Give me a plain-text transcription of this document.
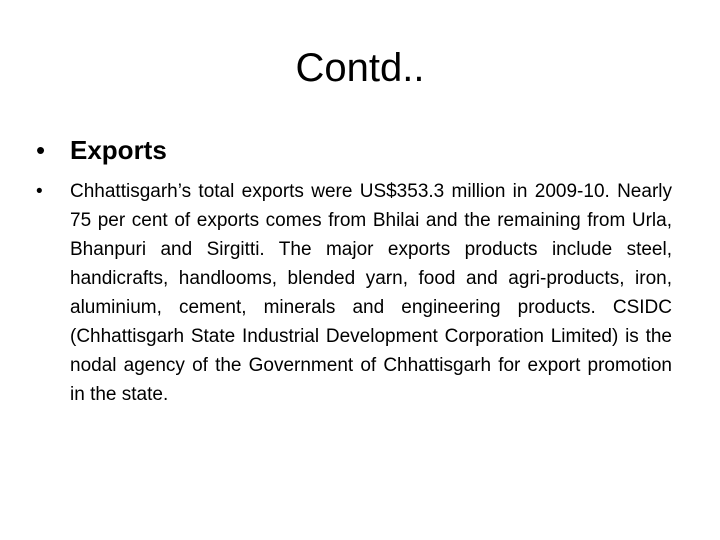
Contd..
• Exports
• Chhattisgarh’s total exports were US$353.3 million in 2009-10. Nearly 75 per cent of exports comes from Bhilai and the remaining from Urla, Bhanpuri and Sirgitti. The major exports products include steel, handicrafts, handlooms, blended yarn, food and agri-products, iron, aluminium, cement, minerals and engineering products. CSIDC (Chhattisgarh State Industrial Development Corporation Limited) is the nodal agency of the Government of Chhattisgarh for export promotion in the state.
